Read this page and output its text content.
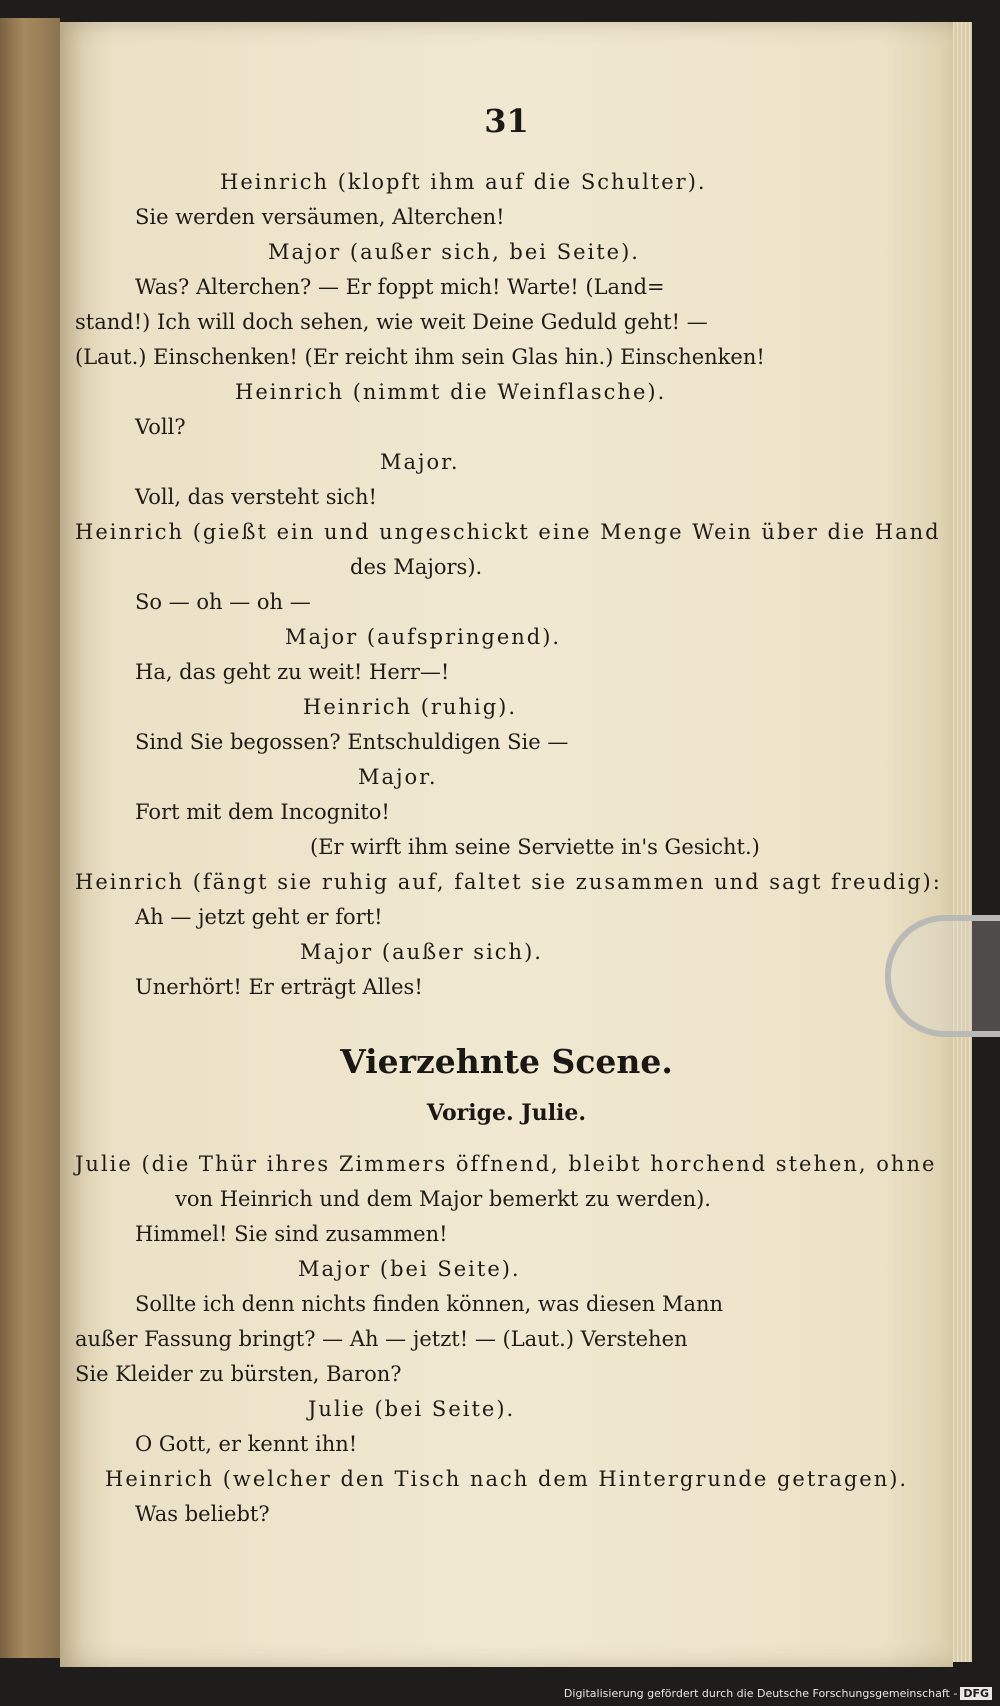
31
Heinrich (klopft ihm auf die Schulter).
Sie werden versäumen, Alterchen!
Major (außer sich, bei Seite).
Was? Alterchen? — Er foppt mich! Warte! (Land=
stand!) Ich will doch sehen, wie weit Deine Geduld geht! —
(Laut.) Einschenken! (Er reicht ihm sein Glas hin.) Einschenken!
Heinrich (nimmt die Weinflasche).
Voll?
Major.
Voll, das versteht sich!
Heinrich (gießt ein und ungeschickt eine Menge Wein über die Hand
des Majors).
So — oh — oh —
Major (aufspringend).
Ha, das geht zu weit! Herr—!
Heinrich (ruhig).
Sind Sie begossen? Entschuldigen Sie —
Major.
Fort mit dem Incognito!
(Er wirft ihm seine Serviette in's Gesicht.)
Heinrich (fängt sie ruhig auf, faltet sie zusammen und sagt freudig):
Ah — jetzt geht er fort!
Major (außer sich).
Unerhört! Er erträgt Alles!
Vierzehnte Scene.
Vorige. Julie.
Julie (die Thür ihres Zimmers öffnend, bleibt horchend stehen, ohne
von Heinrich und dem Major bemerkt zu werden).
Himmel! Sie sind zusammen!
Major (bei Seite).
Sollte ich denn nichts finden können, was diesen Mann
außer Fassung bringt? — Ah — jetzt! — (Laut.) Verstehen
Sie Kleider zu bürsten, Baron?
Julie (bei Seite).
O Gott, er kennt ihn!
Heinrich (welcher den Tisch nach dem Hintergrunde getragen).
Was beliebt?
Digitalisierung gefördert durch die Deutsche Forschungsgemeinschaft - DFG
